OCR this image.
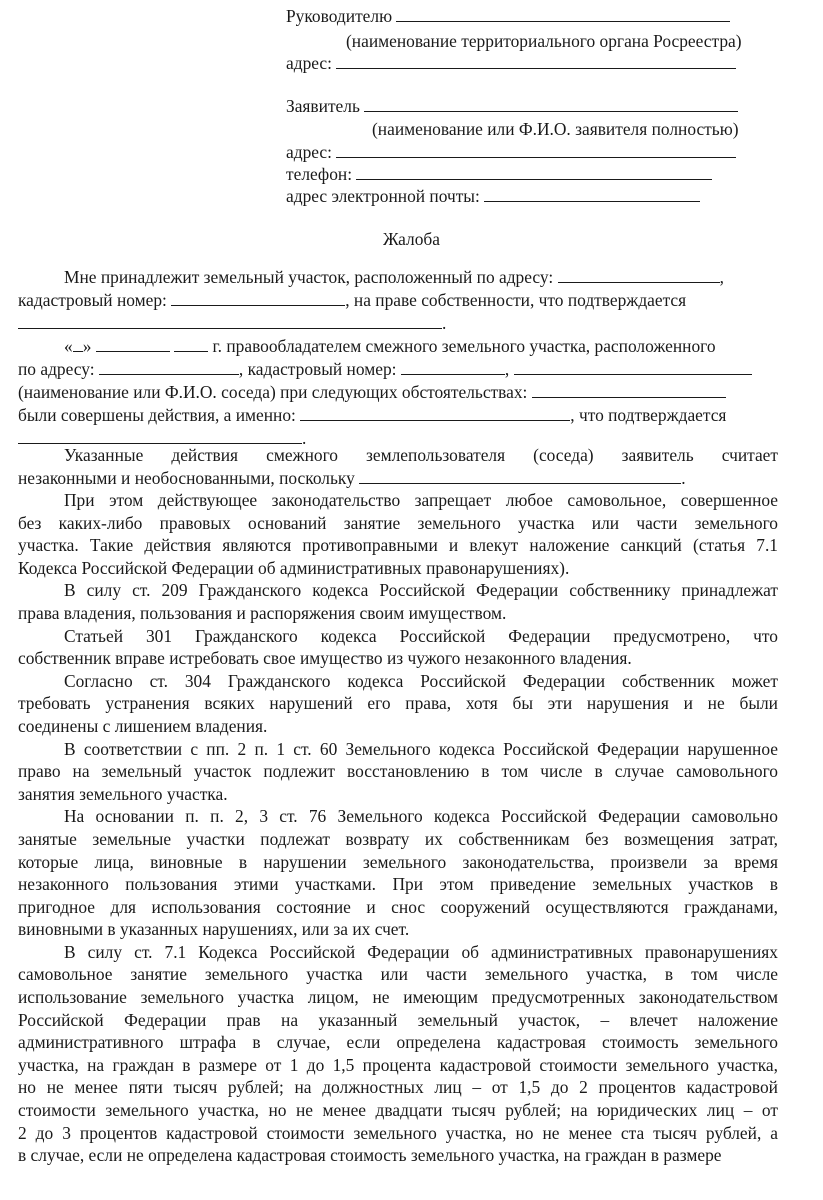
Руководителю
(наименование территориального органа Росреестра)
адрес:
Заявитель
(наименование или Ф.И.О. заявителя полностью)
адрес:
телефон:
адрес электронной почты:
Жалоба
Мне принадлежит земельный участок, расположенный по адресу:	,
кадастровый номер:	, на праве собственности, что подтверждается
.
« »	г. правообладателем смежного земельного участка, расположенного
по адресу:	, кадастровый номер:	,
(наименование или Ф.И.О. соседа) при следующих обстоятельствах:
были совершены действия, а именно:	, что подтверждается
.
Указанные действия смежного землепользователя (соседа) заявитель считает
незаконными и необоснованными, поскольку	.
При этом действующее законодательство запрещает любое самовольное, совершенное
без каких-либо правовых оснований занятие земельного участка или части земельного
участка. Такие действия являются противоправными и влекут наложение санкций (статья 7.1
Кодекса Российской Федерации об административных правонарушениях).
В силу ст. 209 Гражданского кодекса Российской Федерации собственнику принадлежат
права владения, пользования и распоряжения своим имуществом.
Статьей 301 Гражданского кодекса Российской Федерации предусмотрено, что
собственник вправе истребовать свое имущество из чужого незаконного владения.
Согласно ст. 304 Гражданского кодекса Российской Федерации собственник может
требовать устранения всяких нарушений его права, хотя бы эти нарушения и не были
соединены с лишением владения.
В соответствии с пп. 2 п. 1 ст. 60 Земельного кодекса Российской Федерации нарушенное
право на земельный участок подлежит восстановлению в том числе в случае самовольного
занятия земельного участка.
На основании п. п. 2, 3 ст. 76 Земельного кодекса Российской Федерации самовольно
занятые земельные участки подлежат возврату их собственникам без возмещения затрат,
которые лица, виновные в нарушении земельного законодательства, произвели за время
незаконного пользования этими участками. При этом приведение земельных участков в
пригодное для использования состояние и снос сооружений осуществляются гражданами,
виновными в указанных нарушениях, или за их счет.
В силу ст. 7.1 Кодекса Российской Федерации об административных правонарушениях
самовольное занятие земельного участка или части земельного участка, в том числе
использование земельного участка лицом, не имеющим предусмотренных законодательством
Российской Федерации прав на указанный земельный участок, – влечет наложение
административного штрафа в случае, если определена кадастровая стоимость земельного
участка, на граждан в размере от 1 до 1,5 процента кадастровой стоимости земельного участка,
но не менее пяти тысяч рублей; на должностных лиц – от 1,5 до 2 процентов кадастровой
стоимости земельного участка, но не менее двадцати тысяч рублей; на юридических лиц – от
2 до 3 процентов кадастровой стоимости земельного участка, но не менее ста тысяч рублей, а
в случае, если не определена кадастровая стоимость земельного участка, на граждан в размере
